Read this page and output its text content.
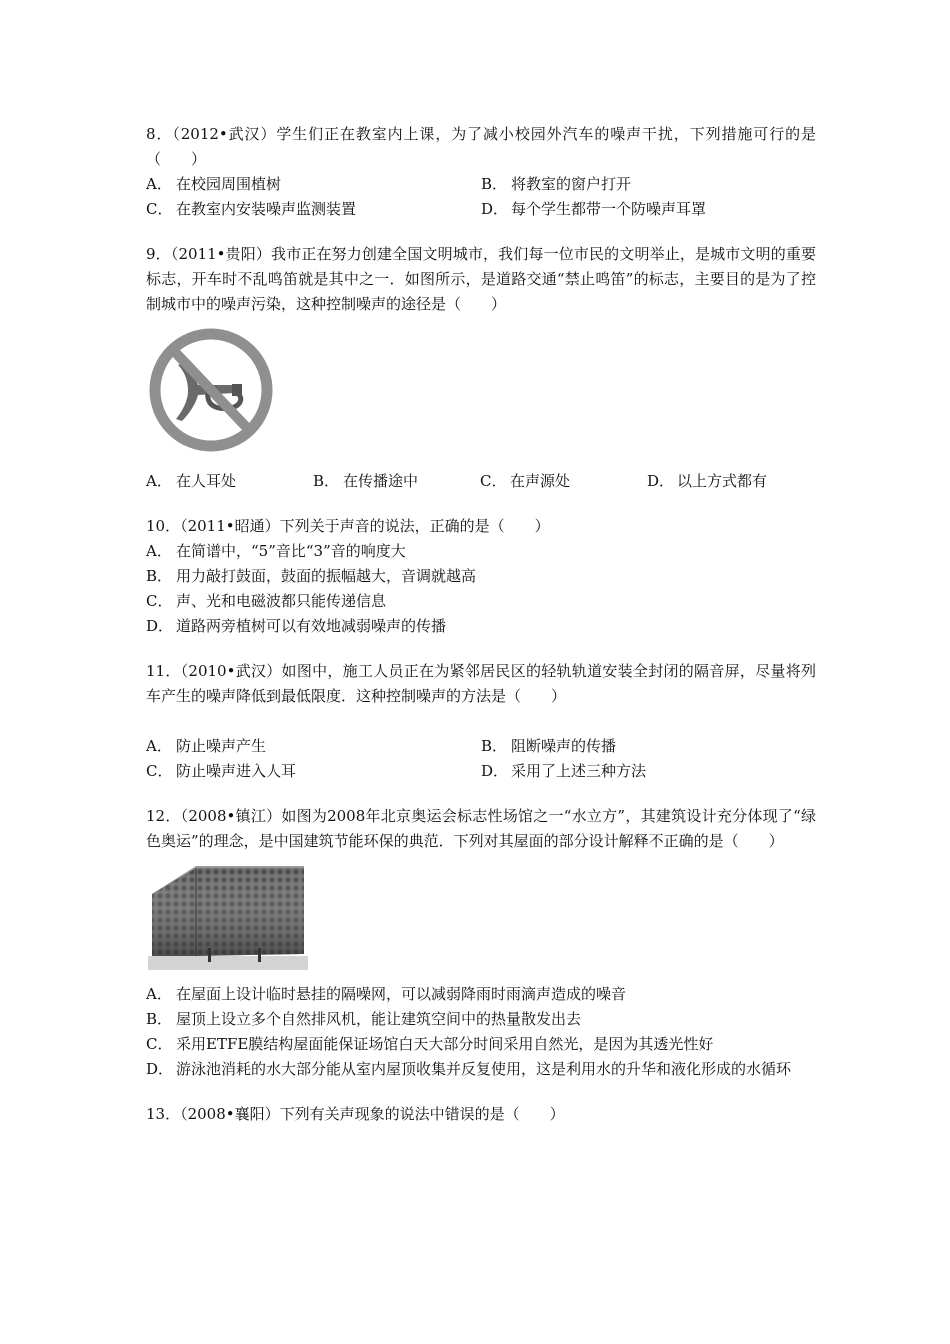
8．（2012•武汉）学生们正在教室内上课，为了减小校园外汽车的噪声干扰，下列措施可行的是（　　）
A． 在校园周围植树	B． 将教室的窗户打开
C． 在教室内安装噪声监测装置	D． 每个学生都带一个防噪声耳罩
9．（2011•贵阳）我市正在努力创建全国文明城市，我们每一位市民的文明举止，是城市文明的重要标志，开车时不乱鸣笛就是其中之一．如图所示，是道路交通“禁止鸣笛”的标志，主要目的是为了控制城市中的噪声污染，这种控制噪声的途径是（　　）
A． 在人耳处	B． 在传播途中	C． 在声源处	D． 以上方式都有
10．（2011•昭通）下列关于声音的说法，正确的是（　　）
A． 在简谱中，“5”音比“3”音的响度大
B． 用力敲打鼓面，鼓面的振幅越大，音调就越高
C． 声、光和电磁波都只能传递信息
D． 道路两旁植树可以有效地减弱噪声的传播
11．（2010•武汉）如图中，施工人员正在为紧邻居民区的轻轨轨道安装全封闭的隔音屏，尽量将列车产生的噪声降低到最低限度．这种控制噪声的方法是（　　）
A． 防止噪声产生	B． 阻断噪声的传播
C． 防止噪声进入人耳	D． 采用了上述三种方法
12．（2008•镇江）如图为2008年北京奥运会标志性场馆之一“水立方”，其建筑设计充分体现了“绿色奥运”的理念，是中国建筑节能环保的典范．下列对其屋面的部分设计解释不正确的是（　　）
A． 在屋面上设计临时悬挂的隔噪网，可以减弱降雨时雨滴声造成的噪音
B． 屋顶上设立多个自然排风机，能让建筑空间中的热量散发出去
C． 采用ETFE膜结构屋面能保证场馆白天大部分时间采用自然光，是因为其透光性好
D． 游泳池消耗的水大部分能从室内屋顶收集并反复使用，这是利用水的升华和液化形成的水循环
13．（2008•襄阳）下列有关声现象的说法中错误的是（　　）
